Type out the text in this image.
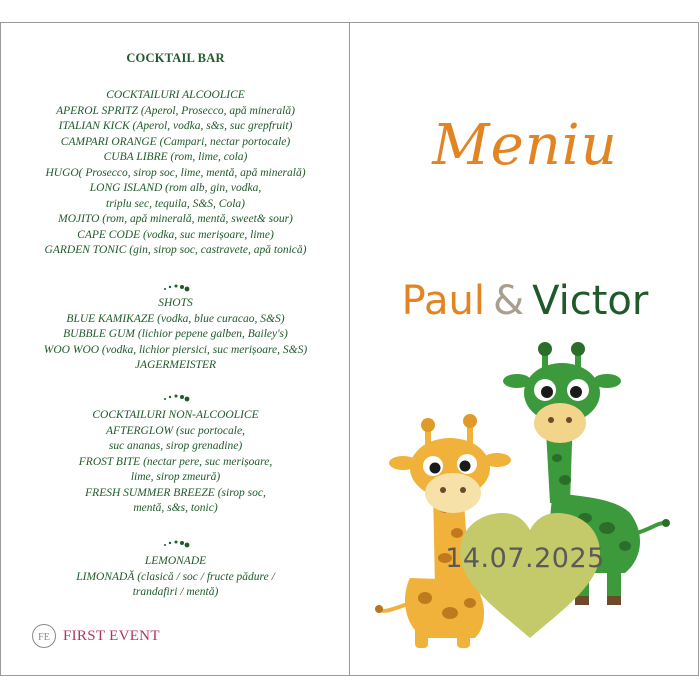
COCKTAIL BAR
COCKTAILURI ALCOOLICE
APEROL SPRITZ (Aperol, Prosecco, apă minerală)
ITALIAN KICK (Aperol, vodka, s&s, suc grepfruit)
CAMPARI ORANGE (Campari, nectar portocale)
CUBA LIBRE (rom, lime, cola)
HUGO( Prosecco, sirop soc, lime, mentă, apă minerală)
LONG ISLAND (rom alb, gin, vodka,
triplu sec, tequila, S&S, Cola)
MOJITO (rom, apă minerală, mentă, sweet& sour)
CAPE CODE (vodka, suc merișoare, lime)
GARDEN TONIC (gin, sirop soc, castravete, apă tonică)
SHOTS
BLUE KAMIKAZE (vodka, blue curacao, S&S)
BUBBLE GUM (lichior pepene galben, Bailey's)
WOO WOO (vodka, lichior piersici, suc merișoare, S&S)
JAGERMEISTER
COCKTAILURI NON-ALCOOLICE
AFTERGLOW (suc portocale,
suc ananas, sirop grenadine)
FROST BITE (nectar pere, suc merișoare,
lime, sirop zmeură)
FRESH SUMMER BREEZE (sirop soc,
mentă, s&s, tonic)
LEMONADE
LIMONADĂ (clasică / soc / fructe pădure /
trandafiri / mentă)
FE FIRST EVENT
Meniu
Paul & Victor
14.07.2025
